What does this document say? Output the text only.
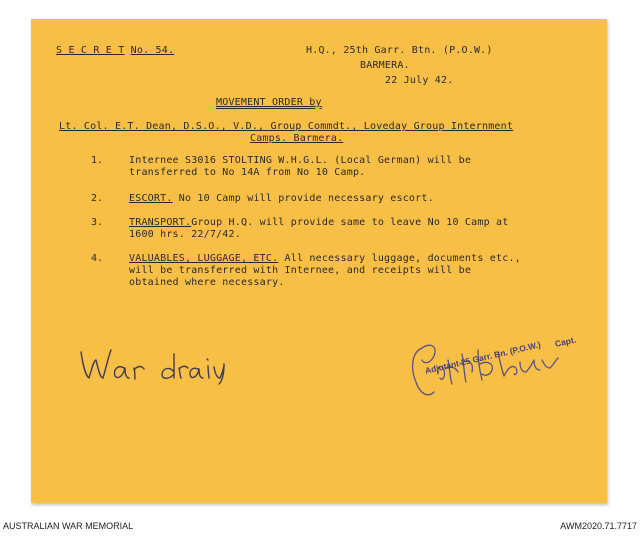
S E C R E T No. 54.	H.Q., 25th Garr. Btn. (P.O.W.)
BARMERA.
22 July 42.
MOVEMENT ORDER by
Lt. Col. E.T. Dean, D.S.O., V.D., Group Commdt., Loveday Group Internment
Camps. Barmera.
1.	Internee S3016 STOLTING W.H.G.L. (Local German) will be
transferred to No 14A from No 10 Camp.
2.	ESCORT. No 10 Camp will provide necessary escort.
3.	TRANSPORT.Group H.Q. will provide same to leave No 10 Camp at
1600 hrs. 22/7/42.
4.	VALUABLES, LUGGAGE, ETC. All necessary luggage, documents etc.,
will be transferred with Internee, and receipts will be
obtained where necessary.
Capt.
Adjutant 25 Garr. Bn. (P.O.W.)
AUSTRALIAN WAR MEMORIAL	AWM2020.71.7717
